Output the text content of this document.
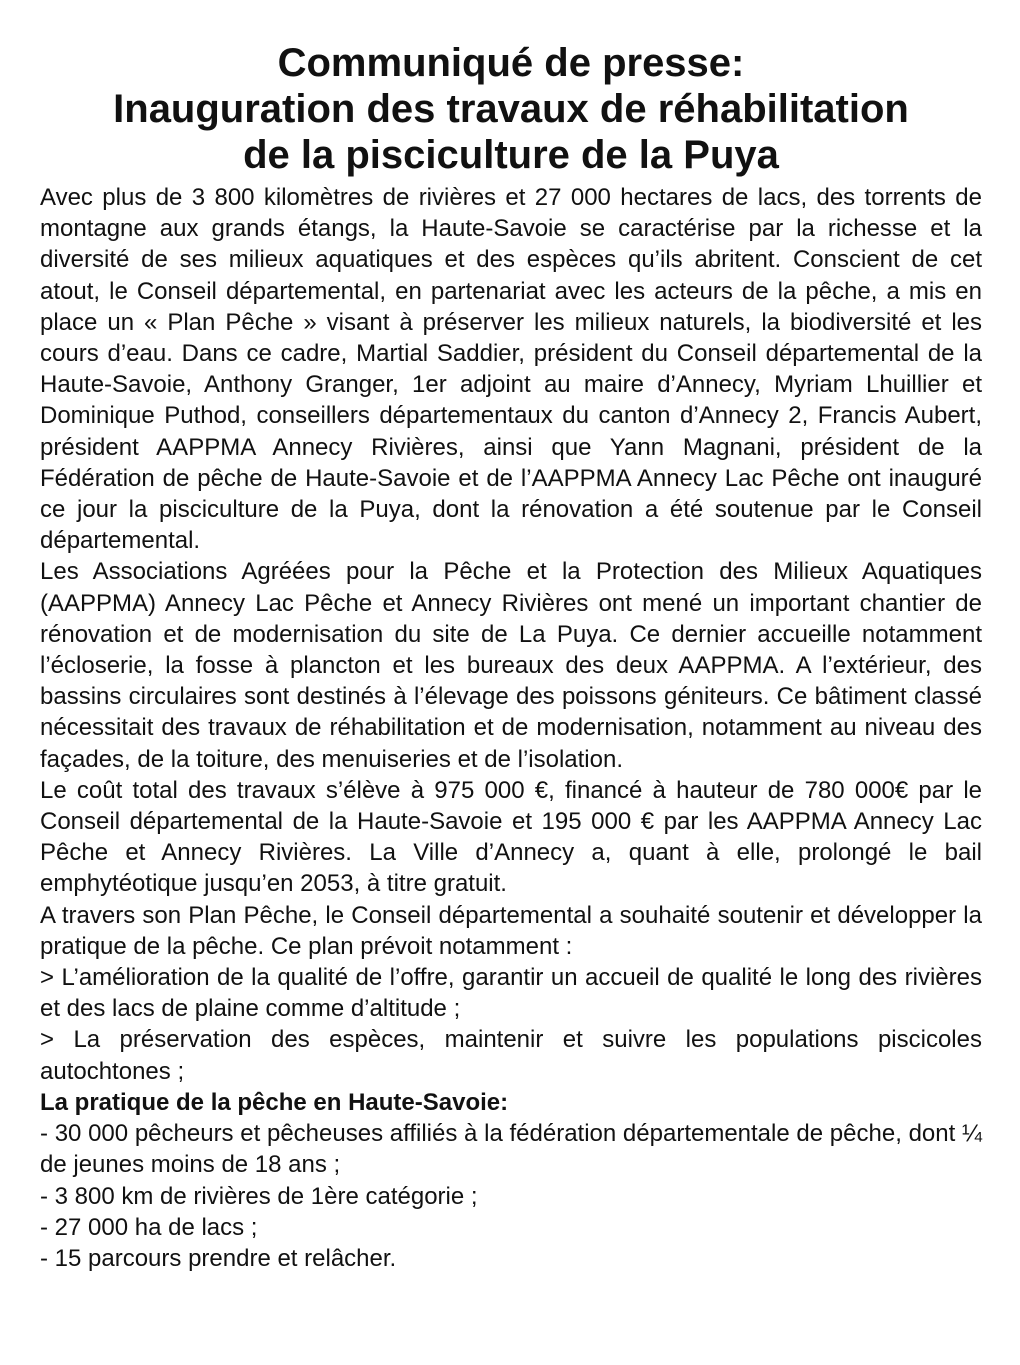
Communiqué de presse:
Inauguration des travaux de réhabilitation
de la pisciculture de la Puya

Avec plus de 3 800 kilomètres de rivières et 27 000 hectares de lacs, des torrents de montagne aux grands étangs, la Haute-Savoie se caractérise par la richesse et la diversité de ses milieux aquatiques et des espèces qu’ils abritent. Conscient de cet atout, le Conseil départemental, en partenariat avec les acteurs de la pêche, a mis en place un « Plan Pêche » visant à préserver les milieux naturels, la biodiversité et les cours d’eau. Dans ce cadre, Martial Saddier, président du Conseil départemental de la Haute-Savoie, Anthony Granger, 1er adjoint au maire d’Annecy, Myriam Lhuillier et Dominique Puthod, conseillers départementaux du canton d’Annecy 2, Francis Aubert, président AAPPMA Annecy Rivières, ainsi que Yann Magnani, président de la Fédération de pêche de Haute-Savoie et de l’AAPPMA Annecy Lac Pêche ont inauguré ce jour la pisciculture de la Puya, dont la rénovation a été soutenue par le Conseil départemental.

Les Associations Agréées pour la Pêche et la Protection des Milieux Aquatiques (AAPPMA) Annecy Lac Pêche et Annecy Rivières ont mené un important chantier de rénovation et de modernisation du site de La Puya. Ce dernier accueille notamment l’écloserie, la fosse à plancton et les bureaux des deux AAPPMA. A l’extérieur, des bassins circulaires sont destinés à l’élevage des poissons géniteurs. Ce bâtiment classé nécessitait des travaux de réhabilitation et de modernisation, notamment au niveau des façades, de la toiture, des menuiseries et de l’isolation.

Le coût total des travaux s’élève à 975 000 €, financé à hauteur de 780 000€ par le Conseil départemental de la Haute-Savoie et 195 000 € par les AAPPMA Annecy Lac Pêche et Annecy Rivières. La Ville d’Annecy a, quant à elle, prolongé le bail emphytéotique jusqu’en 2053, à titre gratuit.

A travers son Plan Pêche, le Conseil départemental a souhaité soutenir et développer la pratique de la pêche. Ce plan prévoit notamment :

> L’amélioration de la qualité de l’offre, garantir un accueil de qualité le long des rivières et des lacs de plaine comme d’altitude ;

> La préservation des espèces, maintenir et suivre les populations piscicoles autochtones ;

La pratique de la pêche en Haute-Savoie:

- 30 000 pêcheurs et pêcheuses affiliés à la fédération départementale de pêche, dont ¼ de jeunes moins de 18 ans ;

- 3 800 km de rivières de 1ère catégorie ;

- 27 000 ha de lacs ;

- 15 parcours prendre et relâcher.
